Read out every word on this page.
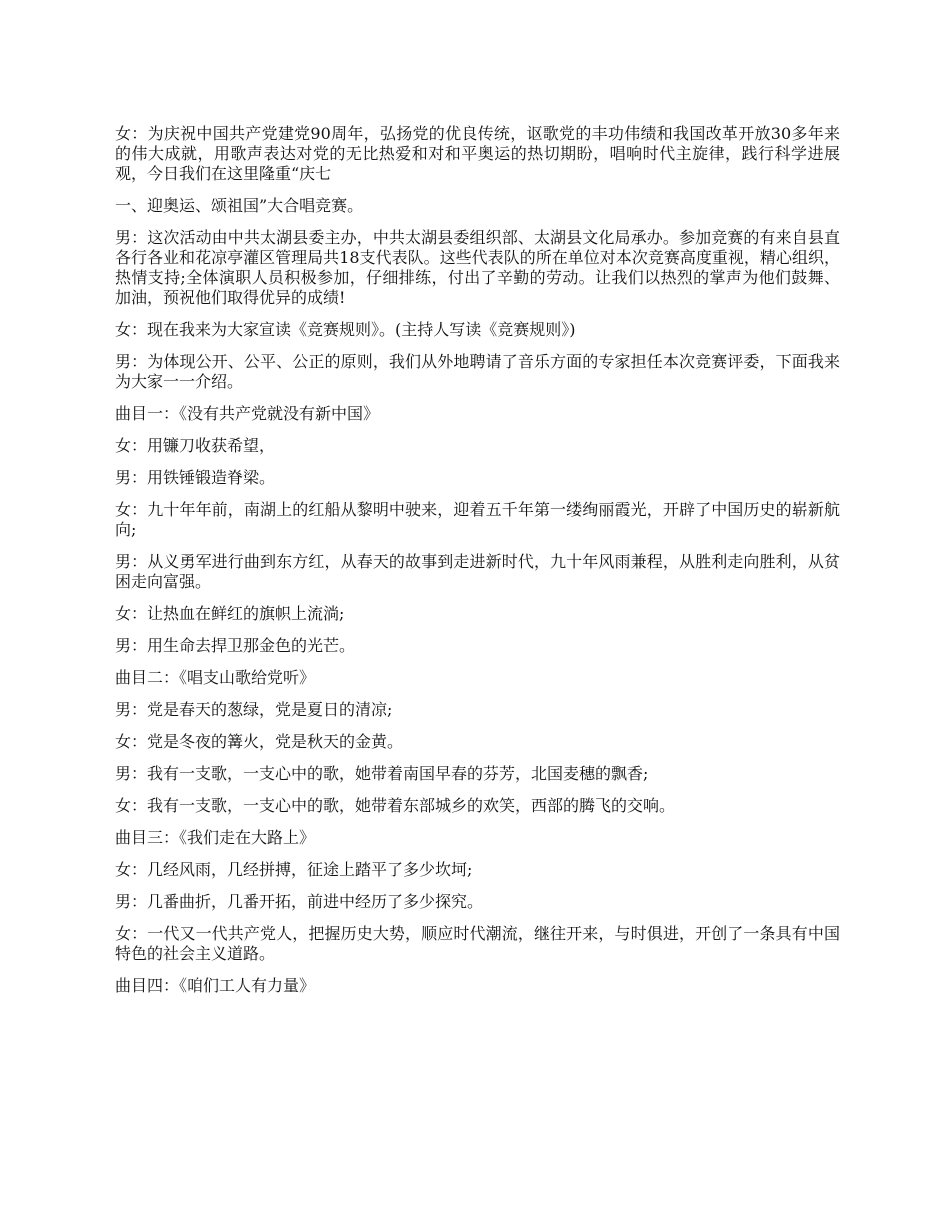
女：为庆祝中国共产党建党90周年，弘扬党的优良传统，讴歌党的丰功伟绩和我国改革开放30多年来的伟大成就，用歌声表达对党的无比热爱和对和平奥运的热切期盼，唱响时代主旋律，践行科学进展观，今日我们在这里隆重“庆七

一、迎奥运、颂祖国”大合唱竞赛。

男：这次活动由中共太湖县委主办，中共太湖县委组织部、太湖县文化局承办。参加竞赛的有来自县直各行各业和花凉亭灌区管理局共18支代表队。这些代表队的所在单位对本次竞赛高度重视，精心组织，热情支持;全体演职人员积极参加，仔细排练，付出了辛勤的劳动。让我们以热烈的掌声为他们鼓舞、加油，预祝他们取得优异的成绩!

女：现在我来为大家宣读《竞赛规则》。(主持人写读《竞赛规则》)

男：为体现公开、公平、公正的原则，我们从外地聘请了音乐方面的专家担任本次竞赛评委，下面我来为大家一一介绍。

曲目一：《没有共产党就没有新中国》

女：用镰刀收获希望，

男：用铁锤锻造脊梁。

女：九十年年前，南湖上的红船从黎明中驶来，迎着五千年第一缕绚丽霞光，开辟了中国历史的崭新航向;

男：从义勇军进行曲到东方红，从春天的故事到走进新时代，九十年风雨兼程，从胜利走向胜利，从贫困走向富强。

女：让热血在鲜红的旗帜上流淌;

男：用生命去捍卫那金色的光芒。

曲目二：《唱支山歌给党听》

男：党是春天的葱绿，党是夏日的清凉;

女：党是冬夜的篝火，党是秋天的金黄。

男：我有一支歌，一支心中的歌，她带着南国早春的芬芳，北国麦穗的飘香;

女：我有一支歌，一支心中的歌，她带着东部城乡的欢笑，西部的腾飞的交响。

曲目三：《我们走在大路上》

女：几经风雨，几经拼搏，征途上踏平了多少坎坷;

男：几番曲折，几番开拓，前进中经历了多少探究。

女：一代又一代共产党人，把握历史大势，顺应时代潮流，继往开来，与时俱进，开创了一条具有中国特色的社会主义道路。

曲目四：《咱们工人有力量》
